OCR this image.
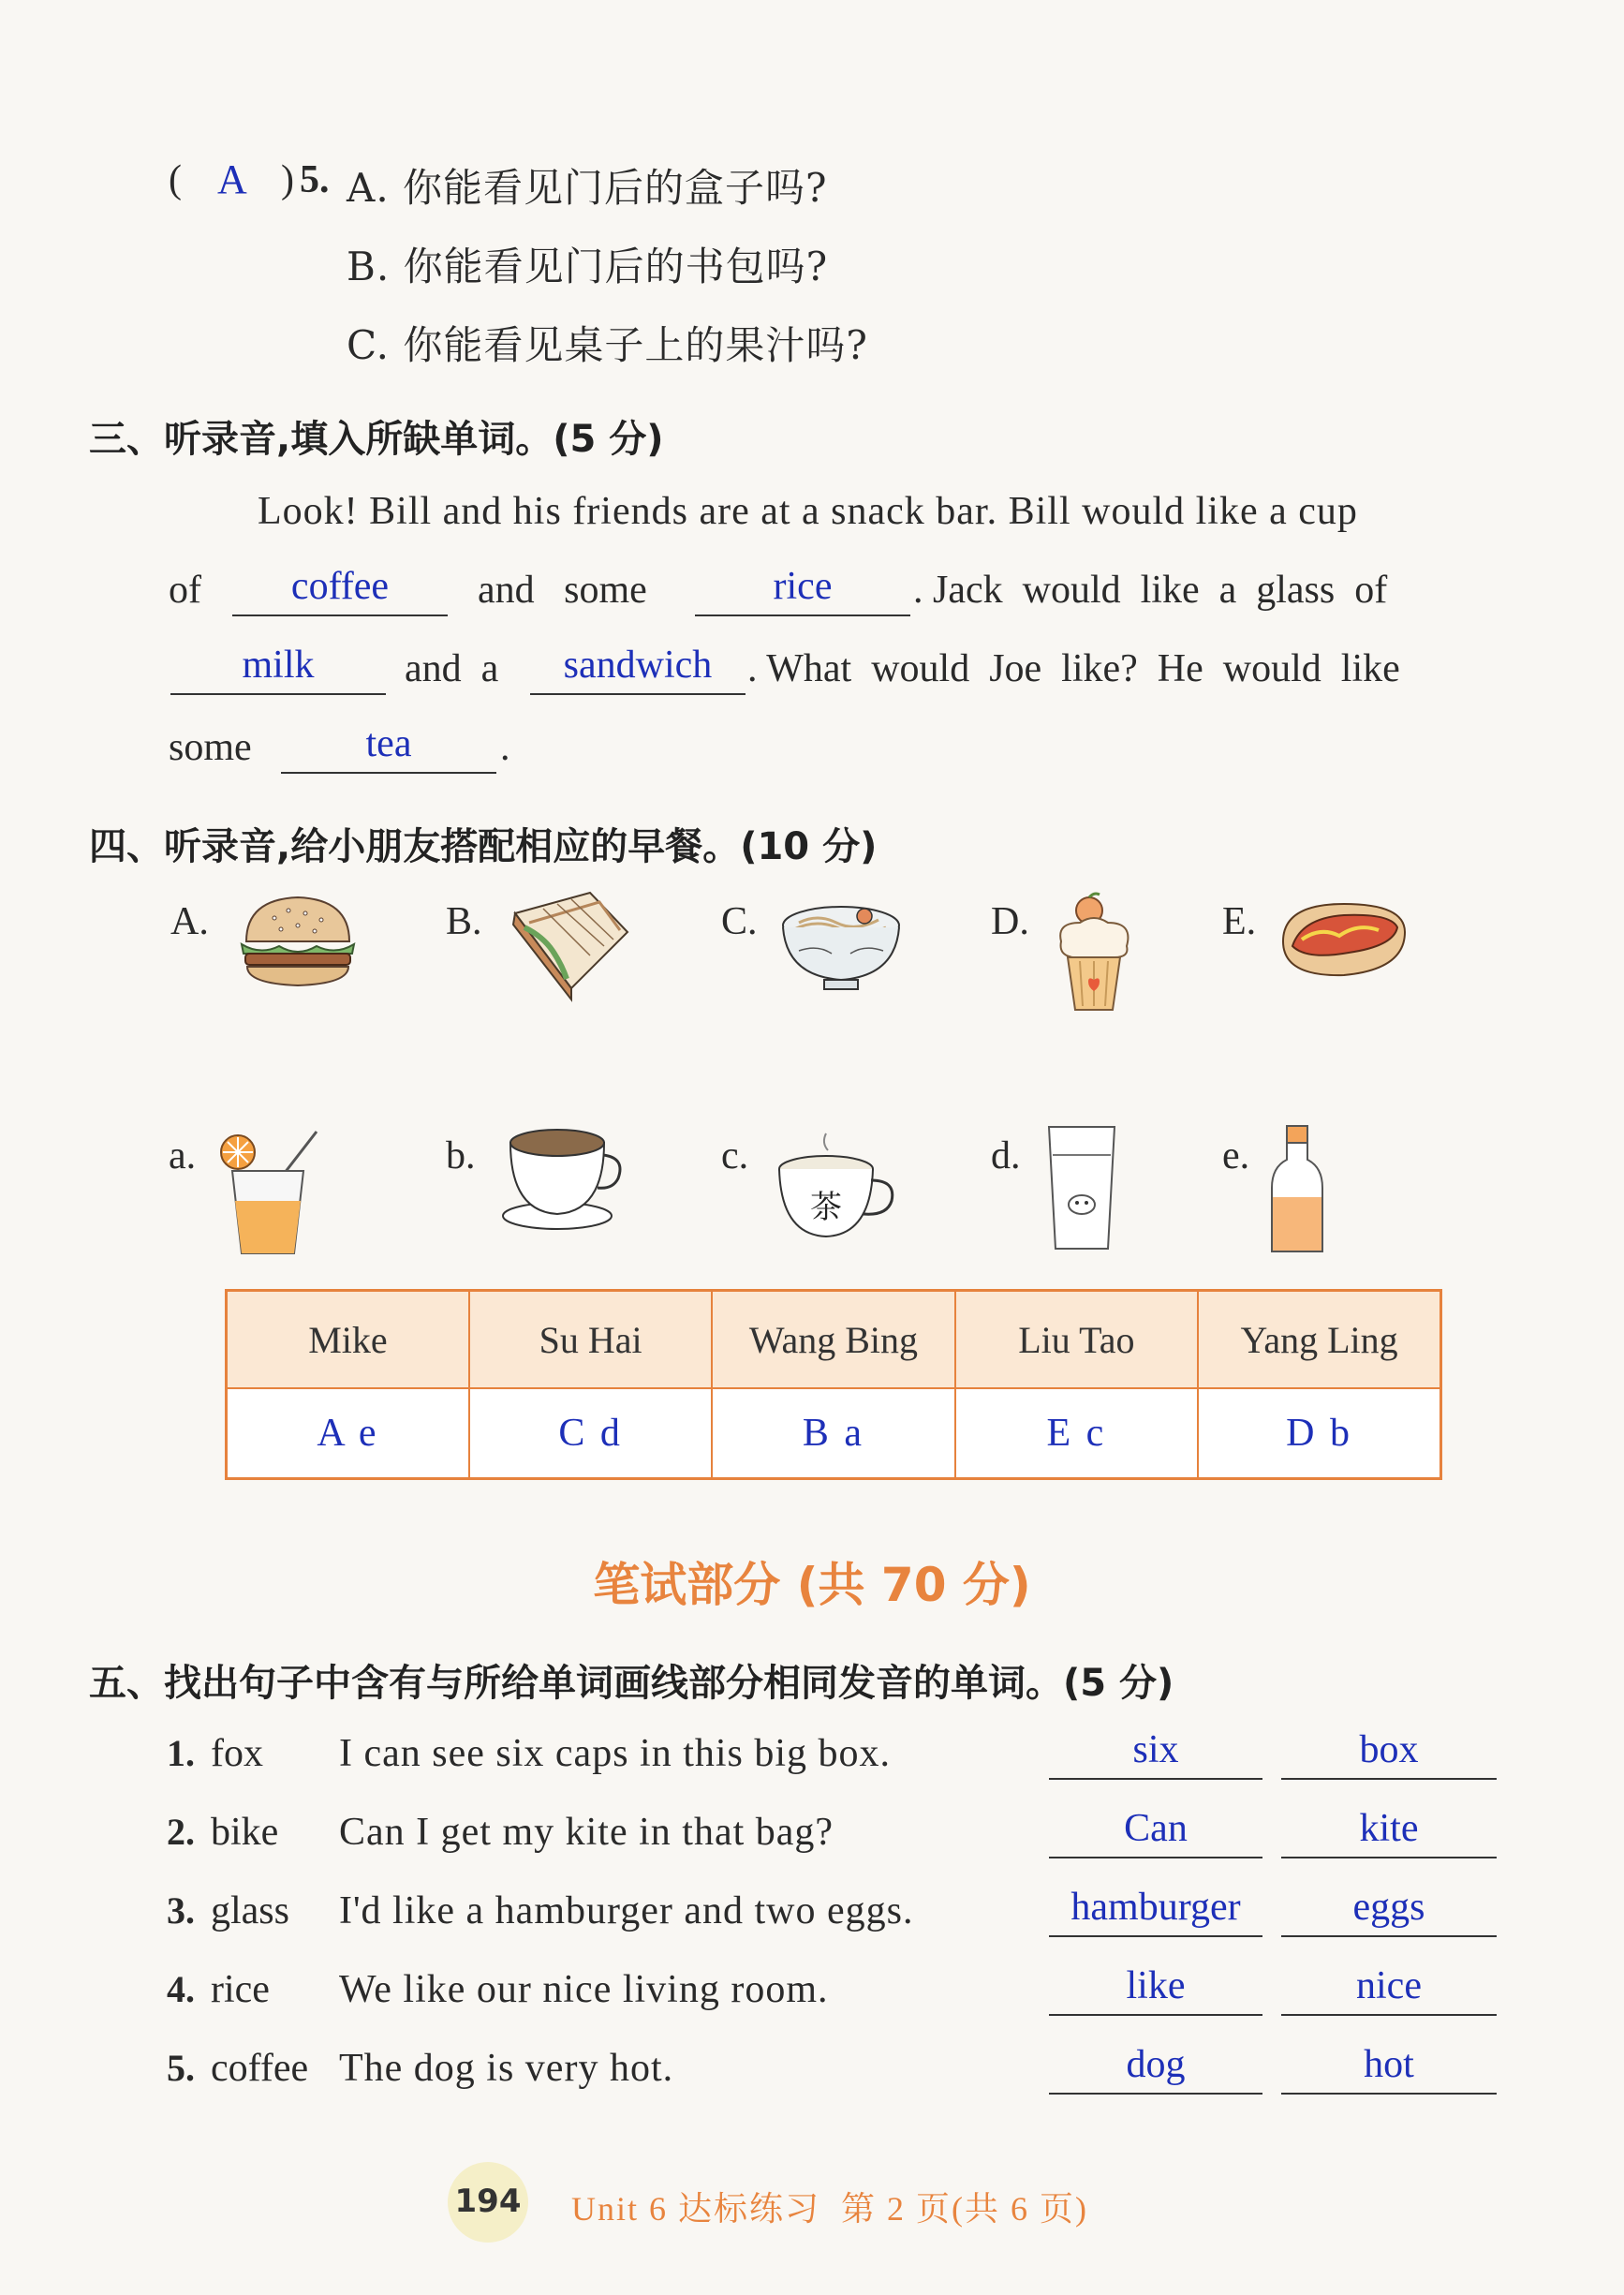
( A ) 5. A. 你能看见门后的盒子吗?
B. 你能看见门后的书包吗?
C. 你能看见桌子上的果汁吗?
三、听录音,填入所缺单词。(5 分)
Look! Bill and his friends are at a snack bar. Bill would like a cup
of	coffee	and   some	rice	. Jack  would  like  a  glass  of
milk	and  a	sandwich . What  would  Joe  like?  He  would  like
some	tea	.
四、听录音,给小朋友搭配相应的早餐。(10 分)
A.	B.	C.	D.	E.
a.	b.	c.	d.	e.
茶
Mike	Su Hai	Wang Bing	Liu Tao	Yang Ling
A e	C d	B a	E c	D b
笔试部分 (共 70 分)
五、找出句子中含有与所给单词画线部分相同发音的单词。(5 分)
1. fox I can see six caps in this big box.	six	box
2. bike Can I get my kite in that bag?	Can	kite
3. glass I'd like a hamburger and two eggs.	hamburger	eggs
4. rice We like our nice living room.	like	nice
5. coffee The dog is very hot.	dog	hot
194 Unit 6 达标练习  第 2 页(共 6 页)
